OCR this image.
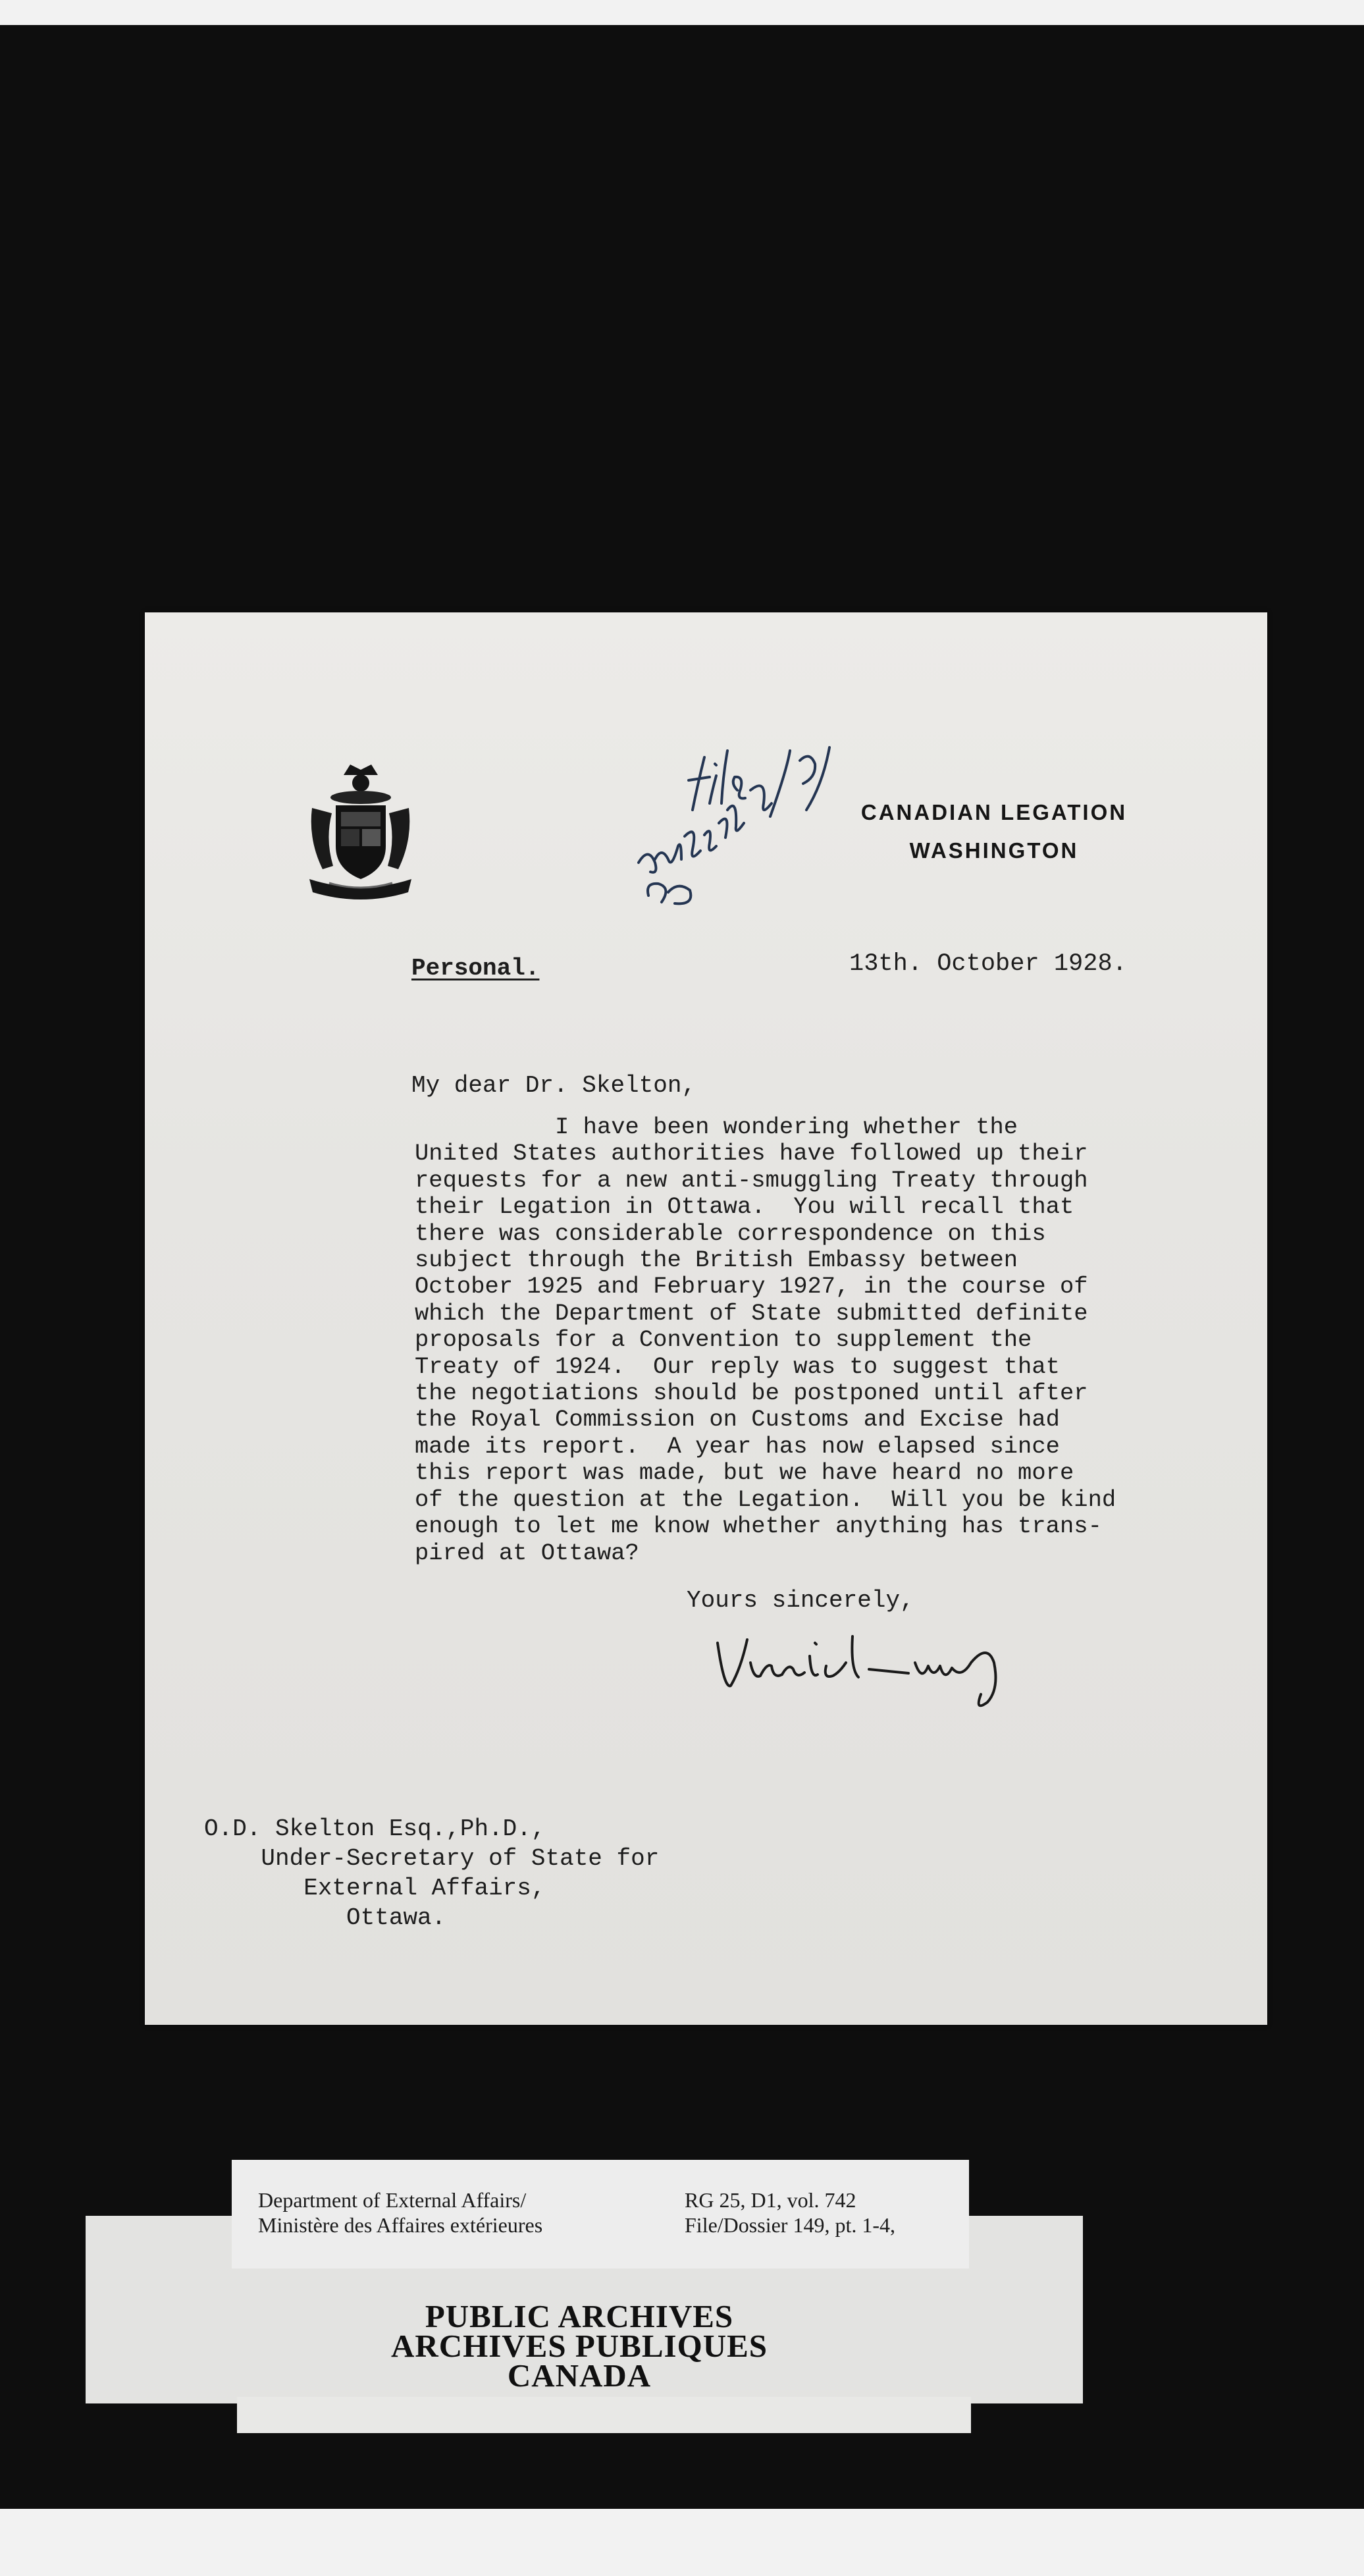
CANADIAN LEGATION
WASHINGTON
Personal.	13th. October 1928.
My dear Dr. Skelton,
I have been wondering whether the
United States authorities have followed up their
requests for a new anti-smuggling Treaty through
their Legation in Ottawa.  You will recall that
there was considerable correspondence on this
subject through the British Embassy between
October 1925 and February 1927, in the course of
which the Department of State submitted definite
proposals for a Convention to supplement the
Treaty of 1924.  Our reply was to suggest that
the negotiations should be postponed until after
the Royal Commission on Customs and Excise had
made its report.  A year has now elapsed since
this report was made, but we have heard no more
of the question at the Legation.  Will you be kind
enough to let me know whether anything has trans-
pired at Ottawa?
Yours sincerely,
O.D. Skelton Esq.,Ph.D.,
Under-Secretary of State for
External Affairs,
Ottawa.
Department of External Affairs/
Ministère des Affaires extérieures
RG 25, D1, vol. 742
File/Dossier 149, pt. 1-4,
PUBLIC ARCHIVES
ARCHIVES PUBLIQUES
CANADA
